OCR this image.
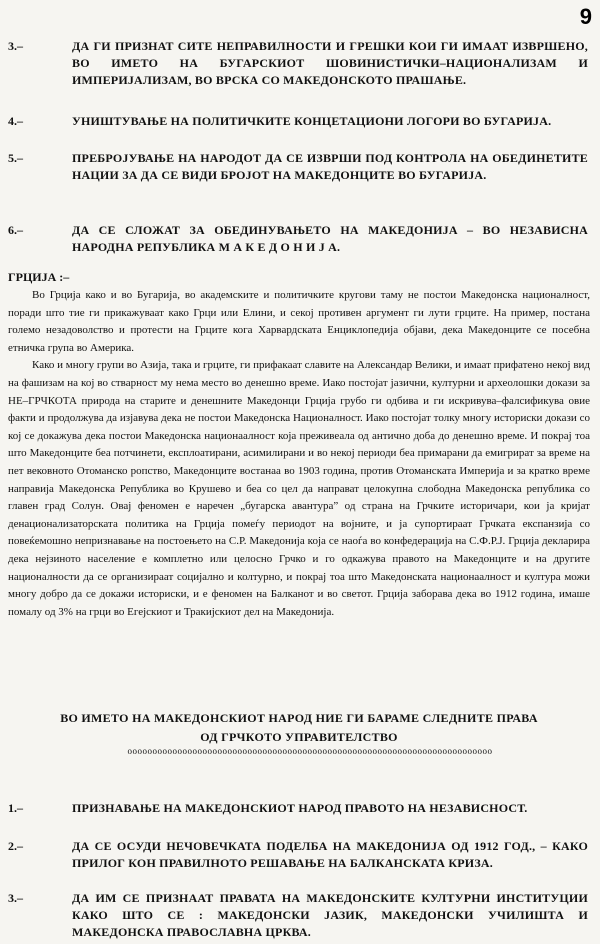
9
3.–	ДА ГИ ПРИЗНАТ СИТЕ НЕПРАВИЛНОСТИ И ГРЕШКИ КОИ ГИ ИМААТ ИЗВРШЕНО, ВО ИМЕТО НА БУГАРСКИОТ ШОВИНИСТИЧКИ–НАЦИОНАЛИЗАМ И ИМПЕРИЈАЛИЗАМ, ВО ВРСКА СО МАКЕДОНСКОТО ПРАШАЊЕ.
4.–	УНИШТУВАЊЕ НА ПОЛИТИЧКИТЕ КОНЦЕТАЦИОНИ ЛОГОРИ ВО БУГАРИЈА.
5.–	ПРЕБРОЈУВАЊЕ НА НАРОДОТ ДА СЕ ИЗВРШИ ПОД КОНТРОЛА НА ОБЕДИНЕТИТЕ НАЦИИ ЗА ДА СЕ ВИДИ БРОЈОТ НА МАКЕДОНЦИТЕ ВО БУГАРИЈА.
6.–	ДА СЕ СЛОЖАТ ЗА ОБЕДИНУВАЊЕТО НА МАКЕДОНИЈА – ВО НЕЗАВИСНА НАРОДНА РЕПУБЛИКА М А К Е Д О Н И Ј А.
ГРЦИЈА :–

Во Грција како и во Бугарија, во академските и политичките кругови таму не постои Македонска националност, поради што тие ги прикажуваат како Грци или Елини, и секој противен аргумент ги лути грците. На пример, постана големо незадоволство и протести на Грците кога Харвардската Енциклопедија објави, дека Македонците се посебна етничка група во Америка.

Како и многу групи во Азија, така и грците, ги прифакаат славите на Александар Велики, и имаат прифатено некој вид на фашизам на кој во стварност му нема место во денешно време. Иако постојат јазични, културни и археолошки докази за НЕ–ГРЧКОТА природа на старите и денешните Македонци Грција грубо ги одбива и ги искривува–фалсификува овие факти и продолжува да изјавува дека не постои Македонска Националност. Иако постојат толку многу историски докази со кој се докажува дека постои Македонска национаалност која преживеала од антично доба до денешно време. И покрај тоа што Македонците беа потчинети, експлоатирани, асимилирани и во некој периоди беа примарани да емигрират за време на пет вековното Отоманско ропство, Македонците востанаа во 1903 година, против Отоманската Империја и за кратко време направија Македонска Република во Крушево и беа со цел да направат целокупна слободна Македонска република со главен град Солун. Овај феномен е наречен „бугарска авантура” од страна на Грчките историчари, кои ја кријат денационализаторската политика на Грција помеѓу периодот на војните, и ја супортираат Грчката експанзија со повеќемошно непризнавање на постоењето на С.Р. Македонија која се наоѓа во конфедерација на С.Ф.Р.Ј. Грција декларира дека нејзиното население е комплетно или целосно Грчко и го одкажува правото на Македонците и на другите националности да се организираат социјално и колтурно, и покрај тоа што Македонската национаалност и култура можи многу добро да се докажи историски, и е феномен на Балканот и во светот. Грција заборава дека во 1912 година, имаше помалу од 3% на грци во Егејскиот и Тракијскиот дел на Македонија.

ВО ИМЕТО НА МАКЕДОНСКИОТ НАРОД НИЕ ГИ БАРАМЕ СЛЕДНИТЕ ПРАВА
ОД ГРЧКОТО УПРАВИТЕЛСТВО
ooooooooooooooooooooooooooooooooooooooooooooooooooooooooooooooooooooooooo
1.–	ПРИЗНАВАЊЕ НА МАКЕДОНСКИОТ НАРОД ПРАВОТО НА НЕЗАВИСНОСТ.
2.–	ДА СЕ ОСУДИ НЕЧОВЕЧКАТА ПОДЕЛБА НА МАКЕДОНИЈА ОД 1912 ГОД., – КАКО ПРИЛОГ КОН ПРАВИЛНОТО РЕШАВАЊЕ НА БАЛКАНСКАТА КРИЗА.
3.–	ДА ИМ СЕ ПРИЗНААТ ПРАВАТА НА МАКЕДОНСКИТЕ КУЛТУРНИ ИНСТИТУЦИИ КАКО ШТО СЕ : МАКЕДОНСКИ ЈАЗИК, МАКЕДОНСКИ УЧИЛИШТА И МАКЕДОНСКА ПРАВОСЛАВНА ЦРКВА.
